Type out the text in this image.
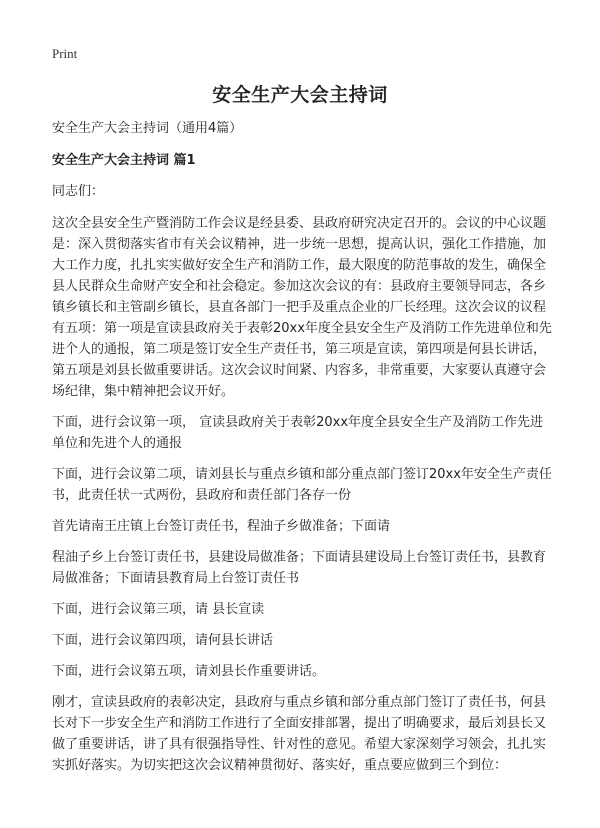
Print
安全生产大会主持词

安全生产大会主持词（通用4篇）

安全生产大会主持词 篇1

同志们：

这次全县安全生产暨消防工作会议是经县委、县政府研究决定召开的。会议的中心议题是：深入贯彻落实省市有关会议精神，进一步统一思想，提高认识，强化工作措施，加大工作力度，扎扎实实做好安全生产和消防工作，最大限度的防范事故的发生，确保全县人民群众生命财产安全和社会稳定。参加这次会议的有：县政府主要领导同志，各乡镇乡镇长和主管副乡镇长，县直各部门一把手及重点企业的厂长经理。这次会议的议程有五项：第一项是宣读县政府关于表彰20xx年度全县安全生产及消防工作先进单位和先进个人的通报，第二项是签订安全生产责任书，第三项是宣读，第四项是何县长讲话，第五项是刘县长做重要讲话。这次会议时间紧、内容多，非常重要，大家要认真遵守会场纪律，集中精神把会议开好。

下面，进行会议第一项， 宣读县政府关于表彰20xx年度全县安全生产及消防工作先进单位和先进个人的通报

下面，进行会议第二项，请刘县长与重点乡镇和部分重点部门签订20xx年安全生产责任书，此责任状一式两份，县政府和责任部门各存一份

首先请南王庄镇上台签订责任书，程油子乡做准备；下面请

程油子乡上台签订责任书，县建设局做准备；下面请县建设局上台签订责任书，县教育局做准备；下面请县教育局上台签订责任书

下面，进行会议第三项，请 县长宣读

下面，进行会议第四项，请何县长讲话

下面，进行会议第五项，请刘县长作重要讲话。

刚才，宣读县政府的表彰决定，县政府与重点乡镇和部分重点部门签订了责任书，何县长对下一步安全生产和消防工作进行了全面安排部署，提出了明确要求，最后刘县长又做了重要讲话，讲了具有很强指导性、针对性的意见。希望大家深刻学习领会，扎扎实实抓好落实。为切实把这次会议精神贯彻好、落实好，重点要应做到三个到位：
